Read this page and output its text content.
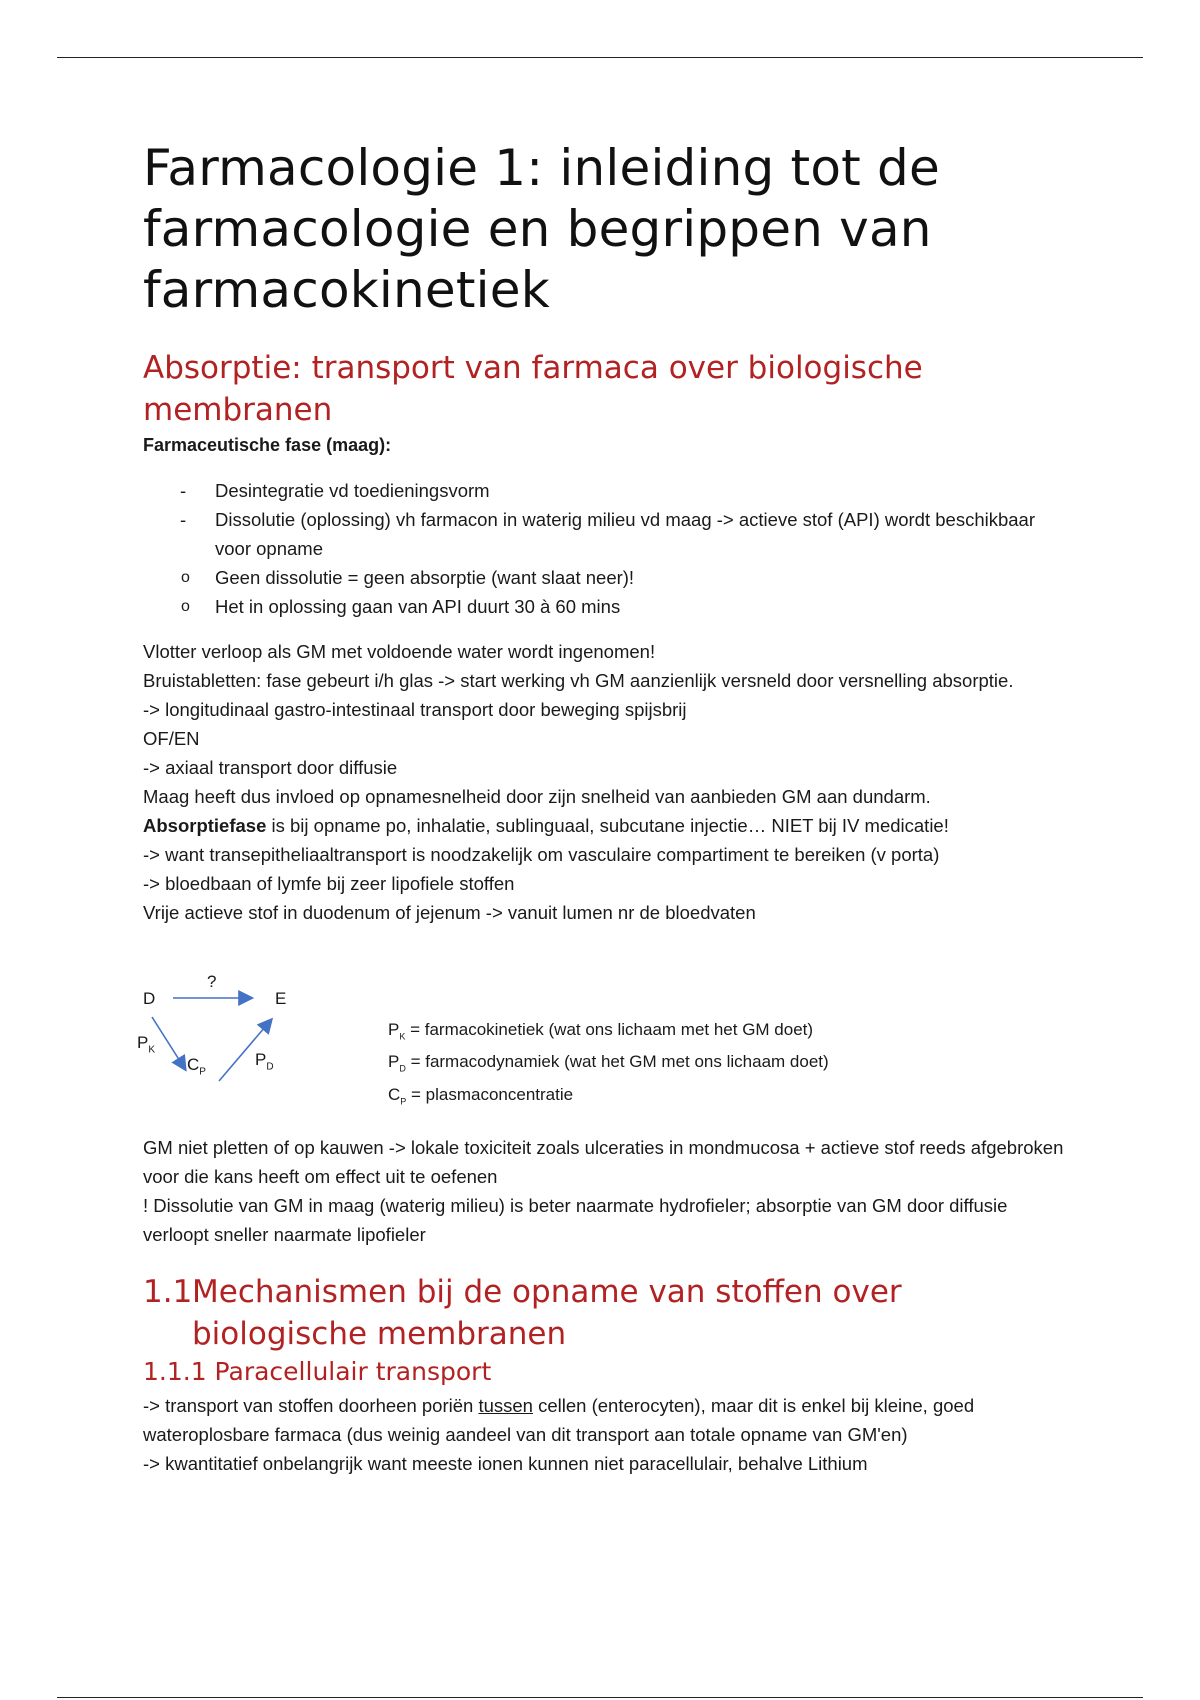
Farmacologie 1: inleiding tot de farmacologie en begrippen van farmacokinetiek
Absorptie: transport van farmaca over biologische membranen
Farmaceutische fase (maag):
- Desintegratie vd toedieningsvorm
- Dissolutie (oplossing) vh farmacon in waterig milieu vd maag -> actieve stof (API) wordt beschikbaar voor opname
o Geen dissolutie = geen absorptie (want slaat neer)!
o Het in oplossing gaan van API duurt 30 à 60 mins

Vlotter verloop als GM met voldoende water wordt ingenomen!

Bruistabletten: fase gebeurt i/h glas -> start werking vh GM aanzienlijk versneld door versnelling absorptie.

-> longitudinaal gastro-intestinaal transport door beweging spijsbrij

OF/EN

-> axiaal transport door diffusie

Maag heeft dus invloed op opnamesnelheid door zijn snelheid van aanbieden GM aan dundarm.

Absorptiefase is bij opname po, inhalatie, sublinguaal, subcutane injectie… NIET bij IV medicatie!

-> want transepitheliaaltransport is noodzakelijk om vasculaire compartiment te bereiken (v porta)

-> bloedbaan of lymfe bij zeer lipofiele stoffen

Vrije actieve stof in duodenum of jejenum -> vanuit lumen nr de bloedvaten

?
D	E
$P_K$
$C_P$
$P_D$
$P_K$ = farmacokinetiek (wat ons lichaam met het GM doet)
$P_D$ = farmacodynamiek (wat het GM met ons lichaam doet)
$C_P$ = plasmaconcentratie

GM niet pletten of op kauwen -> lokale toxiciteit zoals ulceraties in mondmucosa + actieve stof reeds afgebroken voor die kans heeft om effect uit te oefenen

! Dissolutie van GM in maag (waterig milieu) is beter naarmate hydrofieler; absorptie van GM door diffusie verloopt sneller naarmate lipofieler

1.1 Mechanismen bij de opname van stoffen over biologische membranen
1.1.1 Paracellulair transport

-> transport van stoffen doorheen poriën tussen cellen (enterocyten), maar dit is enkel bij kleine, goed wateroplosbare farmaca (dus weinig aandeel van dit transport aan totale opname van GM'en)

-> kwantitatief onbelangrijk want meeste ionen kunnen niet paracellulair, behalve Lithium
